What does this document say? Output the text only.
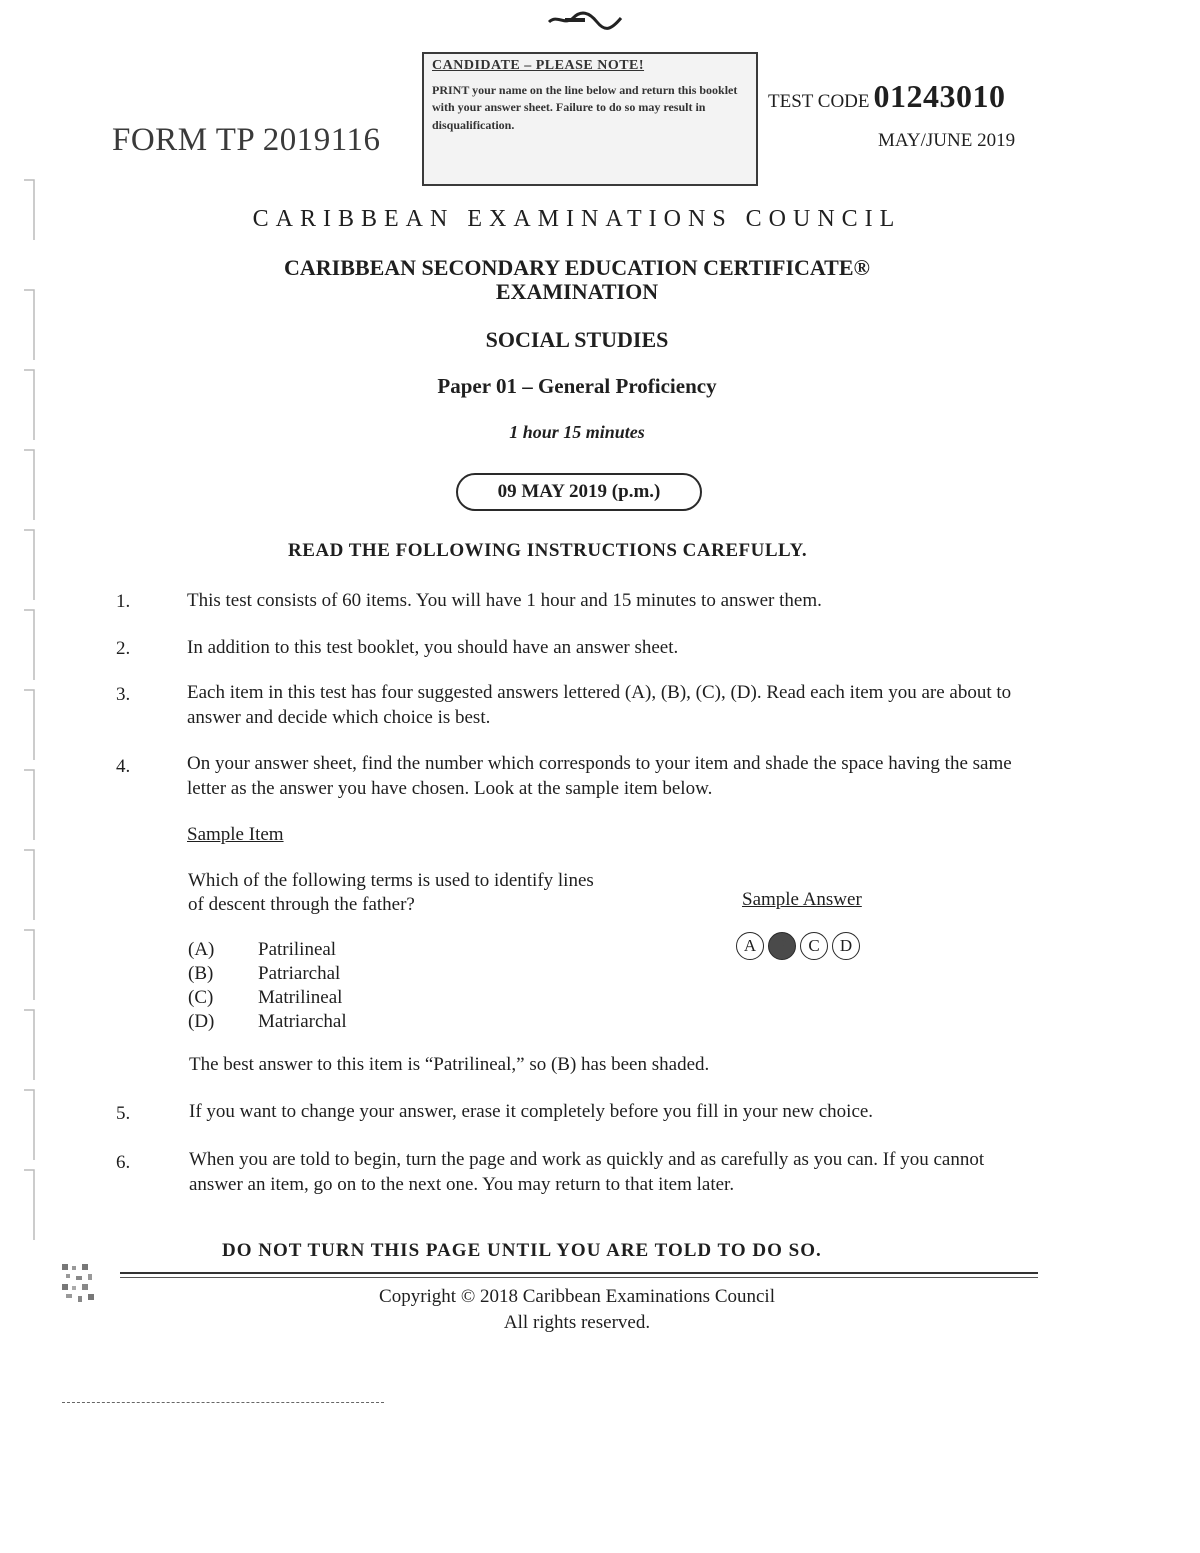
CANDIDATE – PLEASE NOTE!
PRINT your name on the line below and return this booklet with your answer sheet. Failure to do so may result in disqualification.
FORM TP 2019116
TEST CODE 01243010
MAY/JUNE 2019
CARIBBEAN EXAMINATIONS COUNCIL
CARIBBEAN SECONDARY EDUCATION CERTIFICATE®
EXAMINATION
SOCIAL STUDIES
Paper 01 – General Proficiency
1 hour 15 minutes
09 MAY 2019 (p.m.)
READ THE FOLLOWING INSTRUCTIONS CAREFULLY.
1.	This test consists of 60 items. You will have 1 hour and 15 minutes to answer them.
2.	In addition to this test booklet, you should have an answer sheet.
3.	Each item in this test has four suggested answers lettered (A), (B), (C), (D). Read each item you are about to answer and decide which choice is best.
4.	On your answer sheet, find the number which corresponds to your item and shade the space having the same letter as the answer you have chosen. Look at the sample item below.
Sample Item
Which of the following terms is used to identify lines of descent through the father?
(A)	Patrilineal
(B)	Patriarchal
(C)	Matrilineal
(D)	Matriarchal
Sample Answer
A	B	C	D
The best answer to this item is “Patrilineal,” so (B) has been shaded.
5.	If you want to change your answer, erase it completely before you fill in your new choice.
6.	When you are told to begin, turn the page and work as quickly and as carefully as you can. If you cannot answer an item, go on to the next one. You may return to that item later.
DO NOT TURN THIS PAGE UNTIL YOU ARE TOLD TO DO SO.
Copyright © 2018 Caribbean Examinations Council
All rights reserved.
